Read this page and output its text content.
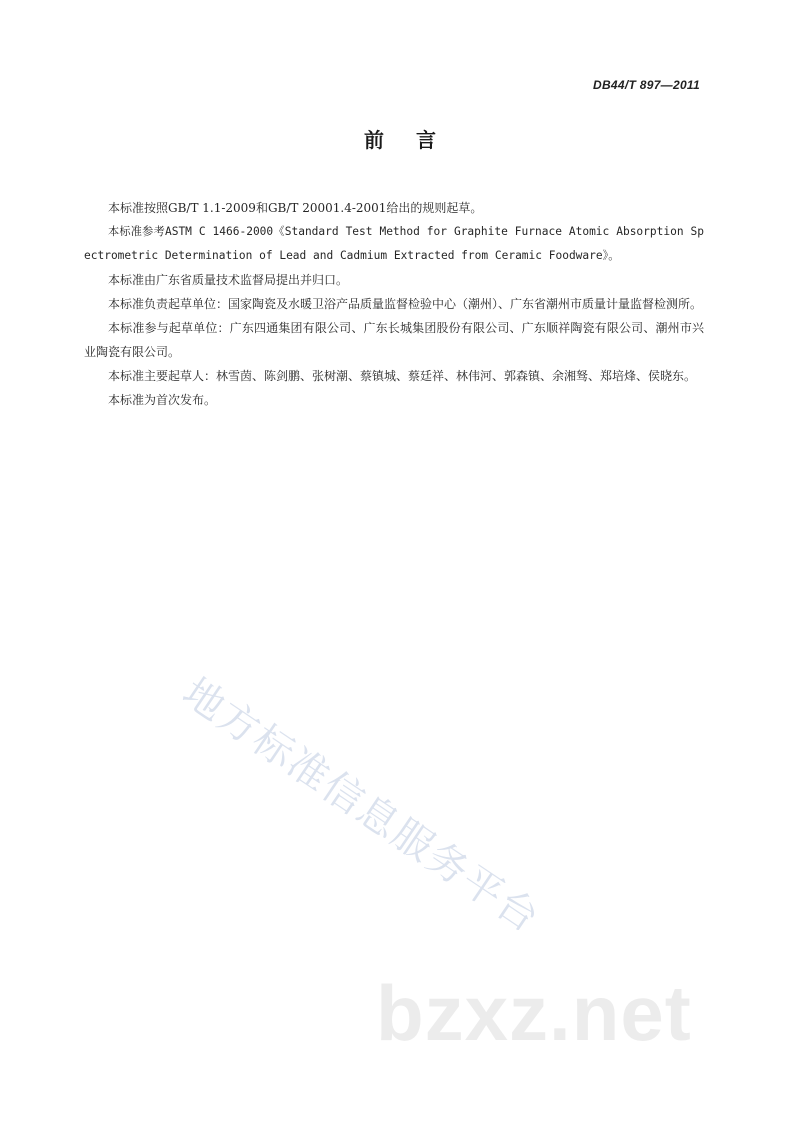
DB44/T 897—2011
前言

本标准按照GB/T 1.1-2009和GB/T 20001.4-2001给出的规则起草。

本标准参考ASTM C 1466-2000《Standard Test Method for Graphite Furnace Atomic Absorption Spectrometric Determination of Lead and Cadmium Extracted from Ceramic Foodware》。

本标准由广东省质量技术监督局提出并归口。

本标准负责起草单位：国家陶瓷及水暖卫浴产品质量监督检验中心（潮州）、广东省潮州市质量计量监督检测所。

本标准参与起草单位：广东四通集团有限公司、广东长城集团股份有限公司、广东顺祥陶瓷有限公司、潮州市兴业陶瓷有限公司。

本标准主要起草人：林雪茵、陈剑鹏、张树潮、蔡镇城、蔡廷祥、林伟河、郭森镇、余湘驽、郑培烽、侯晓东。

本标准为首次发布。

地方标准信息服务平台
bzxz.net
